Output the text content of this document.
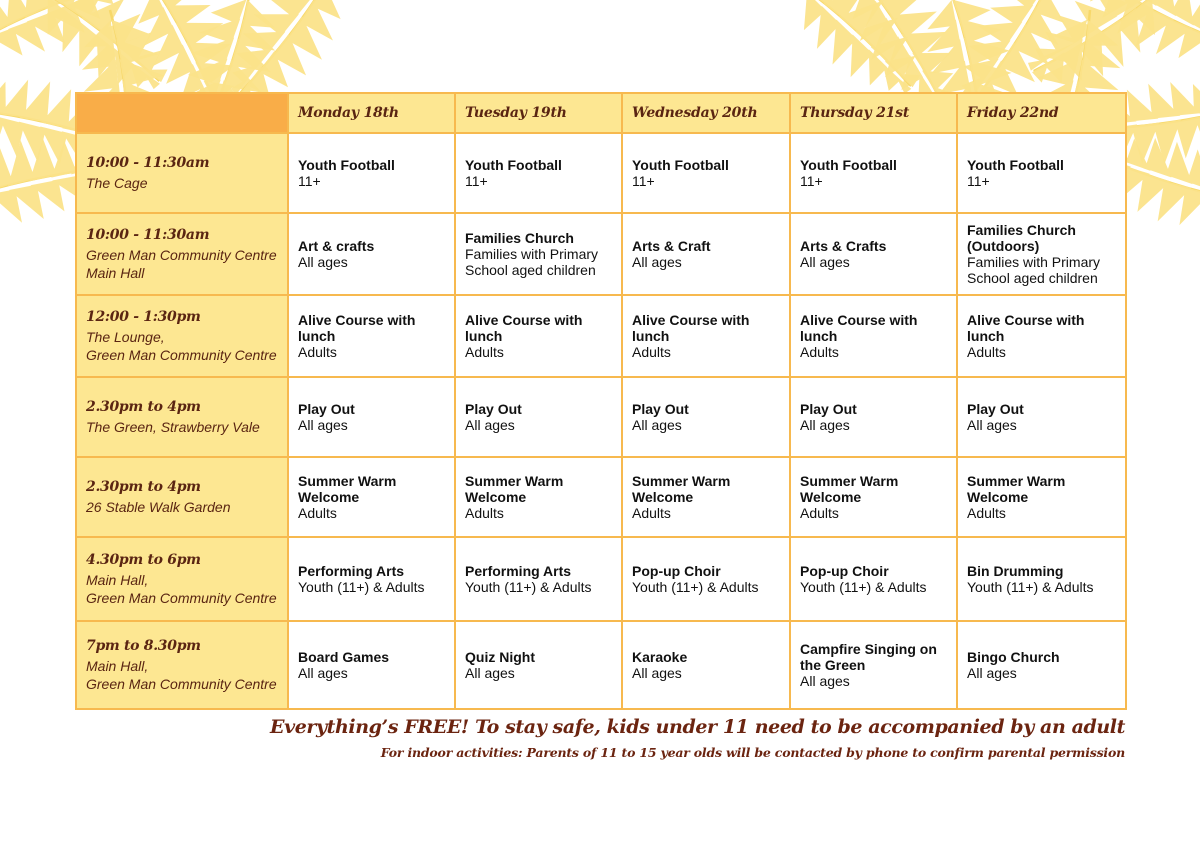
	Monday 18th	Tuesday 19th	Wednesday 20th	Thursday 21st	Friday 22nd

10:00 - 11:30am
The Cage	Youth Football
11+	Youth Football
11+	Youth Football
11+	Youth Football
11+	Youth Football
11+

10:00 - 11:30am
Green Man Community Centre
Main Hall	Art & crafts
All ages	Families Church
Families with Primary
School aged children	Arts & Craft
All ages	Arts & Crafts
All ages	Families Church
(Outdoors)
Families with Primary
School aged children

12:00 - 1:30pm
The Lounge,
Green Man Community Centre	Alive Course with
lunch
Adults	Alive Course with
lunch
Adults	Alive Course with
lunch
Adults	Alive Course with
lunch
Adults	Alive Course with
lunch
Adults

2.30pm to 4pm
The Green, Strawberry Vale	Play Out
All ages	Play Out
All ages	Play Out
All ages	Play Out
All ages	Play Out
All ages

2.30pm to 4pm
26 Stable Walk Garden	Summer Warm
Welcome
Adults	Summer Warm
Welcome
Adults	Summer Warm
Welcome
Adults	Summer Warm
Welcome
Adults	Summer Warm
Welcome
Adults

4.30pm to 6pm
Main Hall,
Green Man Community Centre	Performing Arts
Youth (11+) & Adults	Performing Arts
Youth (11+) & Adults	Pop-up Choir
Youth (11+) & Adults	Pop-up Choir
Youth (11+) & Adults	Bin Drumming
Youth (11+) & Adults

7pm to 8.30pm
Main Hall,
Green Man Community Centre	Board Games
All ages	Quiz Night
All ages	Karaoke
All ages	Campfire Singing on
the Green
All ages	Bingo Church
All ages
Everything’s FREE! To stay safe, kids under 11 need to be accompanied by an adult
For indoor activities: Parents of 11 to 15 year olds will be contacted by phone to confirm parental permission
